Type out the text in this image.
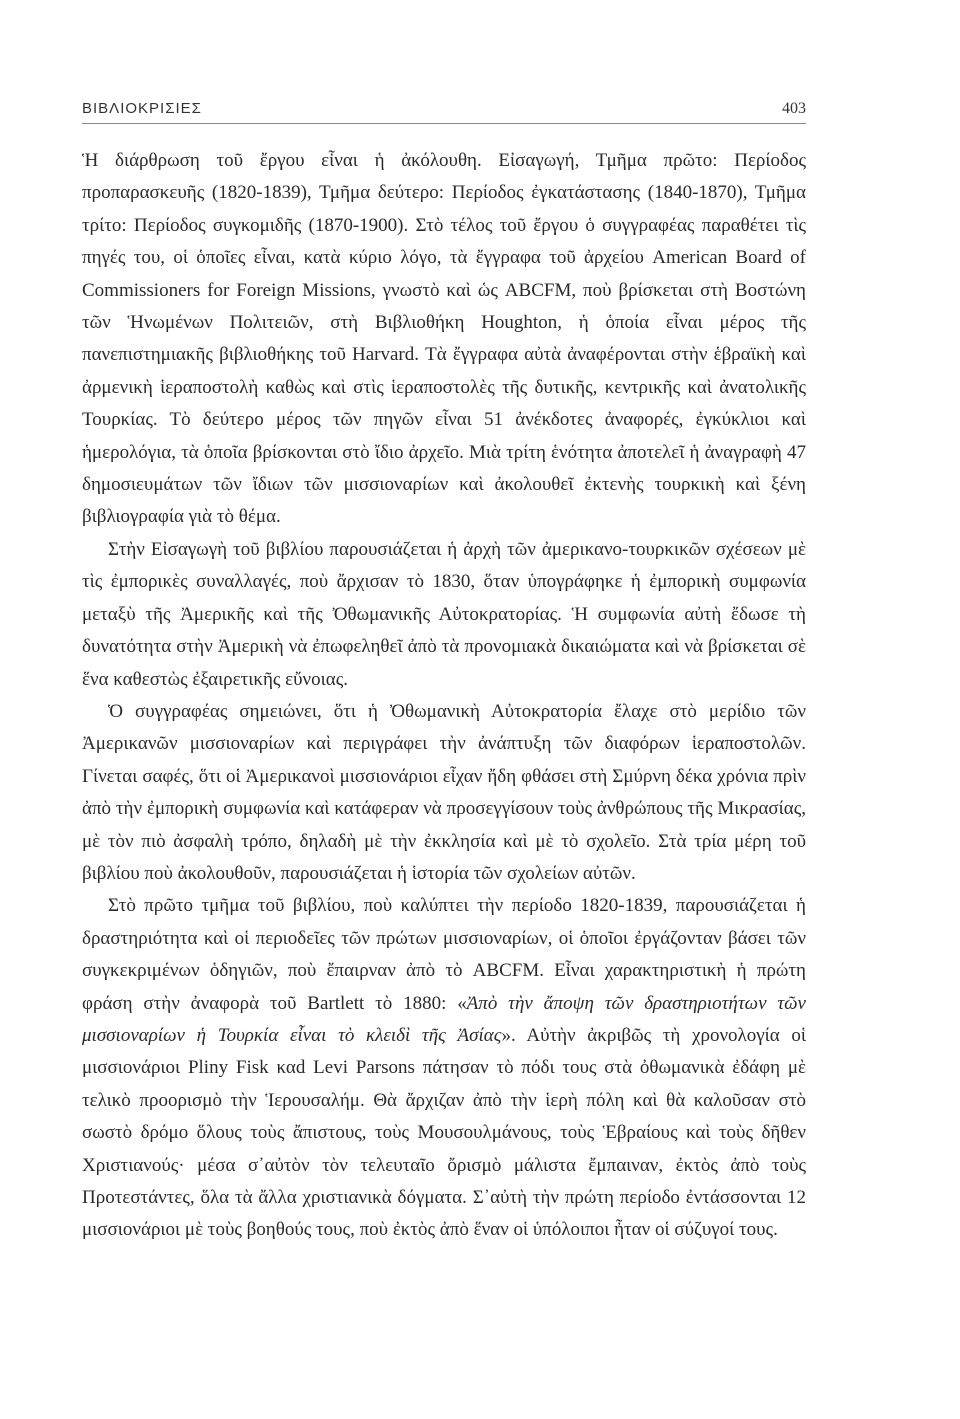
ΒΙΒΛΙΟΚΡΙΣΙΕΣ	403

Ἡ διάρθρωση τοῦ ἔργου εἶναι ἡ ἀκόλουθη. Εἰσαγωγή, Τμῆμα πρῶτο: Περίοδος προπαρασκευῆς (1820-1839), Τμῆμα δεύτερο: Περίοδος ἐγκατάστασης (1840-1870), Τμῆμα τρίτο: Περίοδος συγκομιδῆς (1870-1900). Στὸ τέλος τοῦ ἔργου ὁ συγγραφέας παραθέτει τὶς πηγές του, οἱ ὁποῖες εἶναι, κατὰ κύριο λόγο, τὰ ἔγγραφα τοῦ ἀρχείου American Board of Commissioners for Foreign Missions, γνωστὸ καὶ ὡς ABCFM, ποὺ βρίσκεται στὴ Βοστώνη τῶν Ἡνωμένων Πολιτειῶν, στὴ Βιβλιοθήκη Houghton, ἡ ὁποία εἶναι μέρος τῆς πανεπιστημιακῆς βιβλιοθήκης τοῦ Harvard. Τὰ ἔγγραφα αὐτὰ ἀναφέρονται στὴν ἑβραϊκὴ καὶ ἀρμενικὴ ἱεραποστολὴ καθὼς καὶ στὶς ἱεραποστολὲς τῆς δυτικῆς, κεντρικῆς καὶ ἀνατολικῆς Τουρκίας. Τὸ δεύτερο μέρος τῶν πηγῶν εἶναι 51 ἀνέκδοτες ἀναφορές, ἐγκύκλιοι καὶ ἡμερολόγια, τὰ ὁποῖα βρίσκονται στὸ ἴδιο ἀρχεῖο. Μιὰ τρίτη ἑνότητα ἀποτελεῖ ἡ ἀναγραφὴ 47 δημοσιευμάτων τῶν ἴδιων τῶν μισσιοναρίων καὶ ἀκολουθεῖ ἐκτενὴς τουρκικὴ καὶ ξένη βιβλιογραφία γιὰ τὸ θέμα.

Στὴν Εἰσαγωγὴ τοῦ βιβλίου παρουσιάζεται ἡ ἀρχὴ τῶν ἀμερικανο-τουρκικῶν σχέσεων μὲ τὶς ἐμπορικὲς συναλλαγές, ποὺ ἄρχισαν τὸ 1830, ὅταν ὑπογράφηκε ἡ ἐμπορικὴ συμφωνία μεταξὺ τῆς Ἀμερικῆς καὶ τῆς Ὀθωμανικῆς Αὐτοκρατορίας. Ἡ συμφωνία αὐτὴ ἔδωσε τὴ δυνατότητα στὴν Ἀμερικὴ νὰ ἐπωφεληθεῖ ἀπὸ τὰ προνομιακὰ δικαιώματα καὶ νὰ βρίσκεται σὲ ἕνα καθεστὼς ἐξαιρετικῆς εὔνοιας.

Ὁ συγγραφέας σημειώνει, ὅτι ἡ Ὀθωμανικὴ Αὐτοκρατορία ἔλαχε στὸ μερίδιο τῶν Ἀμερικανῶν μισσιοναρίων καὶ περιγράφει τὴν ἀνάπτυξη τῶν διαφόρων ἱεραποστολῶν. Γίνεται σαφές, ὅτι οἱ Ἀμερικανοὶ μισσιονάριοι εἶχαν ἤδη φθάσει στὴ Σμύρνη δέκα χρόνια πρὶν ἀπὸ τὴν ἐμπορικὴ συμφωνία καὶ κατάφεραν νὰ προσεγγίσουν τοὺς ἀνθρώπους τῆς Μικρασίας, μὲ τὸν πιὸ ἀσφαλὴ τρόπο, δηλαδὴ μὲ τὴν ἐκκλησία καὶ μὲ τὸ σχολεῖο. Στὰ τρία μέρη τοῦ βιβλίου ποὺ ἀκολουθοῦν, παρουσιάζεται ἡ ἱστορία τῶν σχολείων αὐτῶν.

Στὸ πρῶτο τμῆμα τοῦ βιβλίου, ποὺ καλύπτει τὴν περίοδο 1820-1839, παρουσιάζεται ἡ δραστηριότητα καὶ οἱ περιοδεῖες τῶν πρώτων μισσιοναρίων, οἱ ὁποῖοι ἐργάζονταν βάσει τῶν συγκεκριμένων ὁδηγιῶν, ποὺ ἔπαιρναν ἀπὸ τὸ ABCFM. Εἶναι χαρακτηριστικὴ ἡ πρώτη φράση στὴν ἀναφορὰ τοῦ Bartlett τὸ 1880: «Ἀπὸ τὴν ἄποψη τῶν δραστηριοτήτων τῶν μισσιοναρίων ἡ Τουρκία εἶναι τὸ κλειδὶ τῆς Ἀσίας». Αὐτὴν ἀκριβῶς τὴ χρονολογία οἱ μισσιονάριοι Pliny Fisk καd Levi Parsons πάτησαν τὸ πόδι τους στὰ ὀθωμανικὰ ἐδάφη μὲ τελικὸ προορισμὸ τὴν Ἱερουσαλήμ. Θὰ ἄρχιζαν ἀπὸ τὴν ἱερὴ πόλη καὶ θὰ καλοῦσαν στὸ σωστὸ δρόμο ὅλους τοὺς ἄπιστους, τοὺς Μουσουλμάνους, τοὺς Ἑβραίους καὶ τοὺς δῆθεν Χριστιανούς· μέσα σ᾽αὐτὸν τὸν τελευταῖο ὄρισμὸ μάλιστα ἔμπαιναν, ἐκτὸς ἀπὸ τοὺς Προτεστάντες, ὅλα τὰ ἄλλα χριστιανικὰ δόγματα. Σ᾽αὐτὴ τὴν πρώτη περίοδο ἐντάσσονται 12 μισσιονάριοι μὲ τοὺς βοηθούς τους, ποὺ ἐκτὸς ἀπὸ ἕναν οἱ ὑπόλοιποι ἦταν οἱ σύζυγοί τους.
